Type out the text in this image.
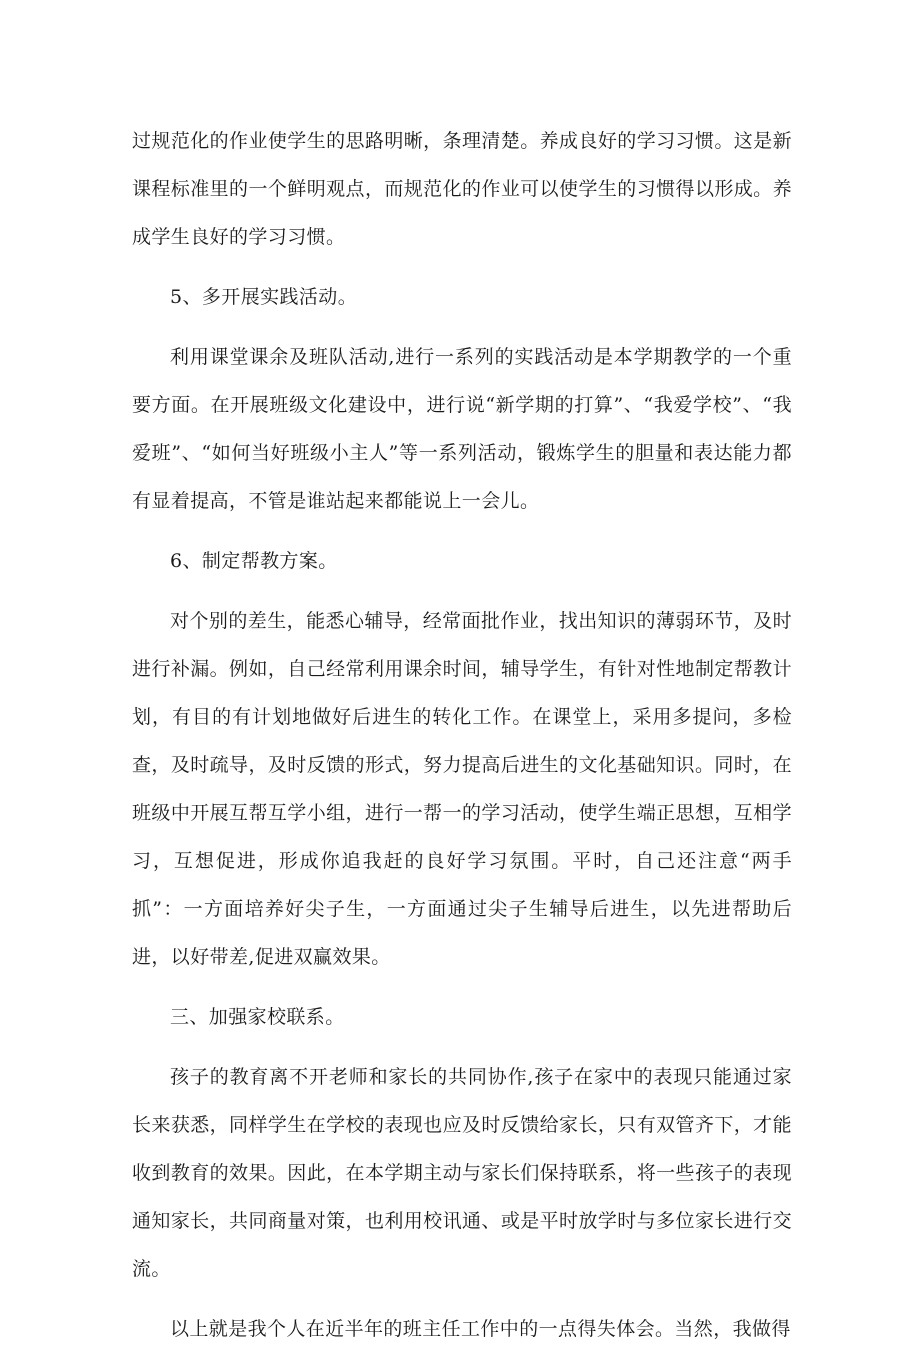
过规范化的作业使学生的思路明晰，条理清楚。养成良好的学习习惯。这是新课程标准里的一个鲜明观点，而规范化的作业可以使学生的习惯得以形成。养成学生良好的学习习惯。

5、多开展实践活动。

利用课堂课余及班队活动,进行一系列的实践活动是本学期教学的一个重要方面。在开展班级文化建设中，进行说“新学期的打算”、“我爱学校”、“我爱班”、“如何当好班级小主人”等一系列活动，锻炼学生的胆量和表达能力都有显着提高，不管是谁站起来都能说上一会儿。

6、制定帮教方案。

对个别的差生，能悉心辅导，经常面批作业，找出知识的薄弱环节，及时进行补漏。例如，自己经常利用课余时间，辅导学生，有针对性地制定帮教计划，有目的有计划地做好后进生的转化工作。在课堂上，采用多提问，多检查，及时疏导，及时反馈的形式，努力提高后进生的文化基础知识。同时，在班级中开展互帮互学小组，进行一帮一的学习活动，使学生端正思想，互相学习，互想促进，形成你追我赶的良好学习氛围。平时，自己还注意“两手抓”：一方面培养好尖子生，一方面通过尖子生辅导后进生，以先进帮助后进，以好带差,促进双赢效果。

三、加强家校联系。

孩子的教育离不开老师和家长的共同协作,孩子在家中的表现只能通过家长来获悉，同样学生在学校的表现也应及时反馈给家长，只有双管齐下，才能收到教育的效果。因此，在本学期主动与家长们保持联系，将一些孩子的表现通知家长，共同商量对策，也利用校讯通、或是平时放学时与多位家长进行交流。

以上就是我个人在近半年的班主任工作中的一点得失体会。当然，我做得
